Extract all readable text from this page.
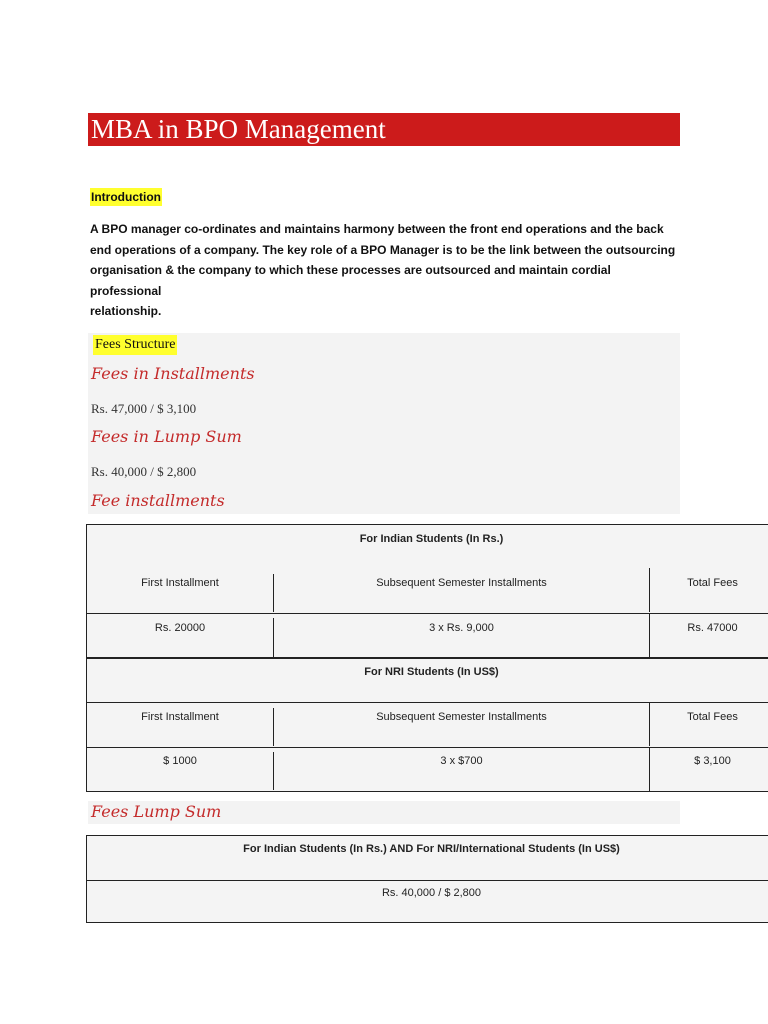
MBA in BPO Management
Introduction
A BPO manager co-ordinates and maintains harmony between the front end operations and the back
end operations of a company. The key role of a BPO Manager is to be the link between the outsourcing
organisation & the company to which these processes are outsourced and maintain cordial professional
relationship.
Fees Structure
Fees in Installments
Rs. 47,000 / $ 3,100
Fees in Lump Sum
Rs. 40,000 / $ 2,800
Fee installments
For Indian Students (In Rs.)
First Installment	Subsequent Semester Installments	Total Fees
Rs. 20000	3 x Rs. 9,000	Rs. 47000
For NRI Students (In US$)
First Installment	Subsequent Semester Installments	Total Fees
$ 1000	3 x $700	$ 3,100
Fees Lump Sum
For Indian Students (In Rs.) AND For NRI/International Students (In US$)
Rs. 40,000 / $ 2,800
